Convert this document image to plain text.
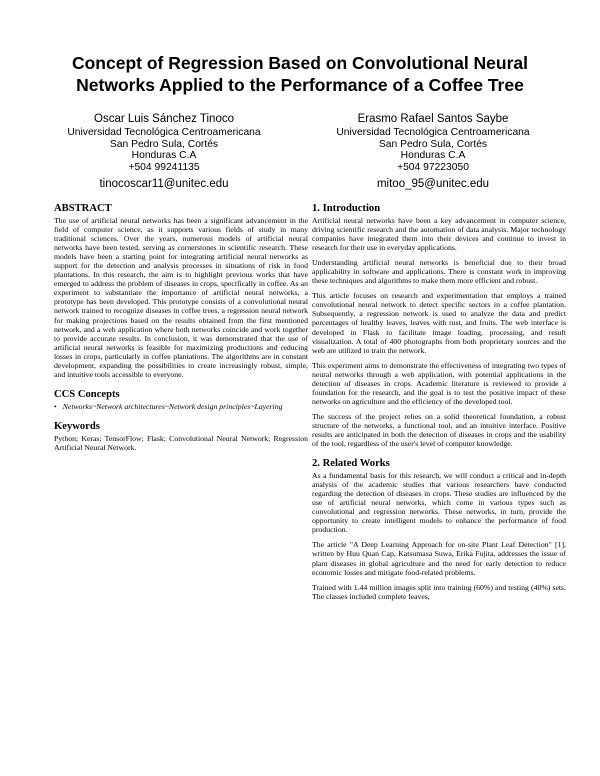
Concept of Regression Based on Convolutional Neural Networks Applied to the Performance of a Coffee Tree
Oscar Luis Sánchez Tinoco
Universidad Tecnológica Centroamericana
San Pedro Sula, Cortés
Honduras C.A
+504 99241135
tinocoscar11@unitec.edu
Erasmo Rafael Santos Saybe
Universidad Tecnológica Centroamericana
San Pedro Sula, Cortés
Honduras C.A
+504 97223050
mitoo_95@unitec.edu
ABSTRACT

The use of artificial neural networks has been a significant advancement in the field of computer science, as it supports various fields of study in many traditional sciences. Over the years, numerous models of artificial neural networks have been tested, serving as cornerstones in scientific research. These models have been a starting point for integrating artificial neural networks as support for the detection and analysis processes in situations of risk in food plantations. In this research, the aim is to highlight previous works that have emerged to address the problem of diseases in crops, specifically in coffee. As an experiment to substantiate the importance of artificial neural networks, a prototype has been developed. This prototype consists of a convolutional neural network trained to recognize diseases in coffee trees, a regression neural network for making projections based on the results obtained from the first mentioned network, and a web application where both networks coincide and work together to provide accurate results. In conclusion, it was demonstrated that the use of artificial neural networks is feasible for maximizing productions and reducing losses in crops, particularly in coffee plantations. The algorithms are in constant development, expanding the possibilities to create increasingly robust, simple, and intuitive tools accessible to everyone.

CCS Concepts
• Networks~Network architectures~Network design principles~Layering
Keywords

Python; Keras; TensorFlow; Flask; Convolutional Neural Network; Regression Artificial Neural Network.

1. Introduction

Artificial neural networks have been a key advancement in computer science, driving scientific research and the automation of data analysis. Major technology companies have integrated them into their devices and continue to invest in research for their use in everyday applications.

Understanding artificial neural networks is beneficial due to their broad applicability in software and applications. There is constant work in improving these techniques and algorithms to make them more efficient and robust.

This article focuses on research and experimentation that employs a trained convolutional neural network to detect specific sectors in a coffee plantation. Subsequently, a regression network is used to analyze the data and predict percentages of healthy leaves, leaves with rust, and fruits. The web interface is developed in Flask to facilitate image loading, processing, and result visualization. A total of 400 photographs from both proprietary sources and the web are utilized to train the network.

This experiment aims to demonstrate the effectiveness of integrating two types of neural networks through a web application, with potential applications in the detection of diseases in crops. Academic literature is reviewed to provide a foundation for the research, and the goal is to test the positive impact of these networks on agriculture and the efficiency of the developed tool.

The success of the project relies on a solid theoretical foundation, a robust structure of the networks, a functional tool, and an intuitive interface. Positive results are anticipated in both the detection of diseases in crops and the usability of the tool, regardless of the user's level of computer knowledge.

2. Related Works

As a fundamental basis for this research, we will conduct a critical and in-depth analysis of the academic studies that various researchers have conducted regarding the detection of diseases in crops. These studies are influenced by the use of artificial neural networks, which come in various types such as convolutional and regression networks. These networks, in turn, provide the opportunity to create intelligent models to enhance the performance of food production.

The article "A Deep Learning Approach for on-site Plant Leaf Detection" [1], written by Huu Quan Cap, Katsumasa Suwa, Erika Fujita, addresses the issue of plant diseases in global agriculture and the need for early detection to reduce economic losses and mitigate food-related problems.

Trained with 1.44 million images split into training (60%) and testing (40%) sets. The classes included complete leaves,
